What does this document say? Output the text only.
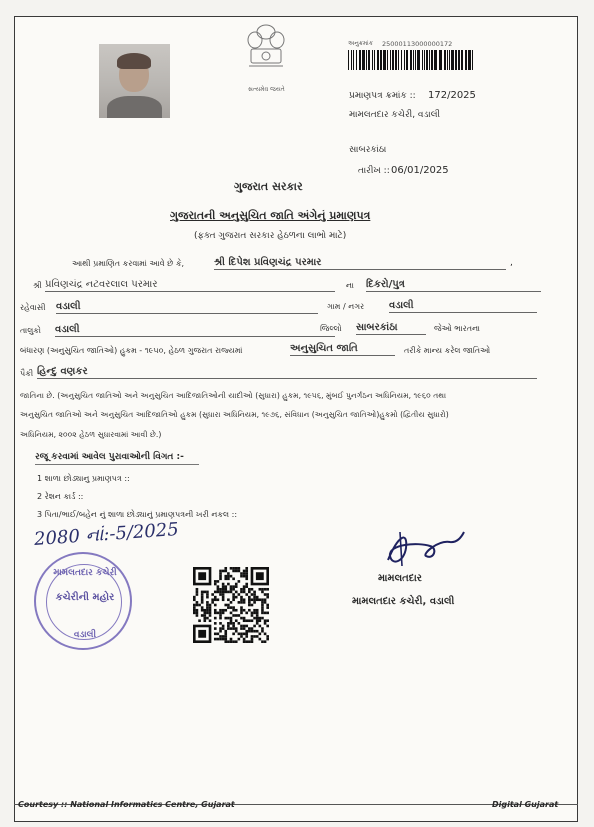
સત્યમેવ જયતે
અનુક્રમાંક 25000113000000172
પ્રમાણપત્ર ક્રમાંક :: 172/2025
મામલતદાર કચેરી, વડાલી
સાબરકાંઠા
તારીખ :: 06/01/2025
ગુજરાત સરકાર
ગુજરાતની અનુસુચિત જાતિ અંગેનું પ્રમાણપત્ર
(ફક્ત ગુજરાત સરકાર હેઠળના લાભો માટે)
આથી પ્રમાણિત કરવામાં આવે છે કે,	શ્રી દિપેશ પ્રવિણચંદ્ર પરમાર	,
શ્રી પ્રવિણચંદ્ર નટવરલાલ પરમાર	ના દિકરો/પુત્ર
રહેવાસી વડાલી	ગામ / નગર વડાલી
તાલુકો વડાલી	જિલ્લો સાબરકાંઠા	જેઓ ભારતના
બંધારણ (અનુસુચિત જાતિઓ) હુકમ - ૧૯૫૦, હેઠળ ગુજરાત રાજ્યમાં	અનુસુચિત જાતિ	તરીકે માન્ય કરેલ જાતિઓ
પૈકી હિન્દુ વણકર
જાતિના છે. (અનુસુચિત જાતિઓ અને અનુસુચિત આદિજાતિઓની યાદીઓ (સુધારા) હુકમ, ૧૯૫૬, મુંબઈ પુનર્ગઠન અધિનિયમ, ૧૯૬૦ તથા
અનુસુચિત જાતિઓ અને અનુસુચિત આદિજાતિઓ હુકમ (સુધારા અધિનિયમ, ૧૯૭૬, સંવિધાન (અનુસુચિત જાતિઓ)હુકમો (દ્વિતીય સુધારો)
અધિનિયમ, ૨૦૦૨ હેઠળ સુધારવામાં આવી છે.)
રજૂ કરવામાં આવેલ પુરાવાઓની વિગત :-
1 શાળા છોડ્યાનુ પ્રમાણપત્ર ::
2 રેશન કાર્ડ ::
3 પિતા/ભાઈ/બહેન નું શાળા છોડ્યાનું પ્રમાણપત્રની ખરી નકલ ::
2080 નાં:-5/2025
મામલતદાર કચેરી
કચેરીની મહોર
વડાલી
મામલતદાર
મામલતદાર કચેરી, વડાલી
Courtesy :: National Informatics Centre, Gujarat	Digital Gujarat
